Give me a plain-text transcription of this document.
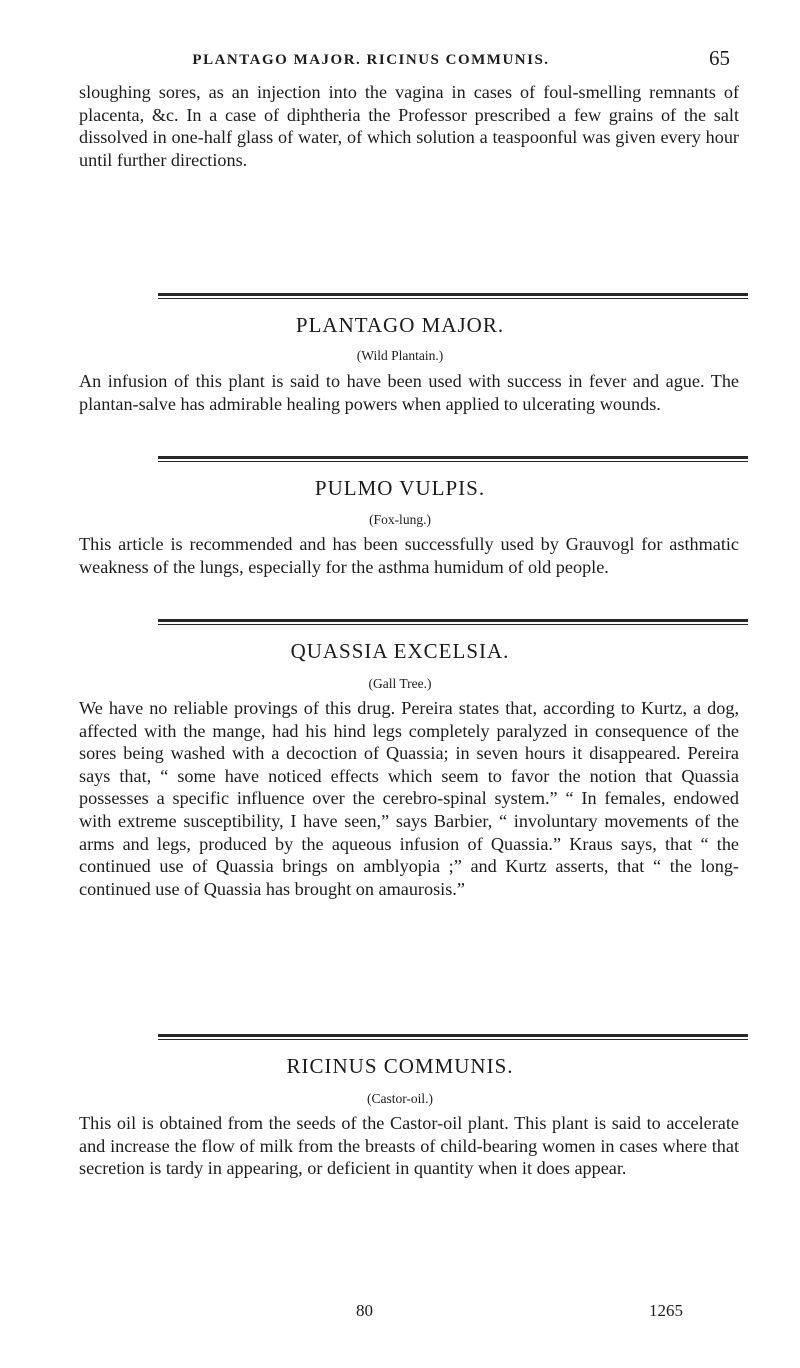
PLANTAGO MAJOR. RICINUS COMMUNIS.	65

sloughing sores, as an injection into the vagina in cases of foul-smelling remnants of placenta, &c. In a case of diphtheria the Professor prescribed a few grains of the salt dissolved in one-half glass of water, of which solution a teaspoonful was given every hour until further directions.

PLANTAGO MAJOR.
(Wild Plantain.)

An infusion of this plant is said to have been used with success in fever and ague. The plantan-salve has admirable healing powers when applied to ulcerating wounds.

PULMO VULPIS.
(Fox-lung.)

This article is recommended and has been successfully used by Grauvogl for asthmatic weakness of the lungs, especially for the asthma humidum of old people.

QUASSIA EXCELSIA.
(Gall Tree.)

We have no reliable provings of this drug. Pereira states that, according to Kurtz, a dog, affected with the mange, had his hind legs completely paralyzed in consequence of the sores being washed with a decoction of Quassia; in seven hours it disappeared. Pereira says that, “ some have noticed effects which seem to favor the notion that Quassia possesses a specific influence over the cerebro-spinal system.” “ In females, endowed with extreme susceptibility, I have seen,” says Barbier, “ involuntary movements of the arms and legs, produced by the aqueous infusion of Quassia.” Kraus says, that “ the continued use of Quassia brings on amblyopia ;” and Kurtz asserts, that “ the long-continued use of Quassia has brought on amaurosis.”

RICINUS COMMUNIS.
(Castor-oil.)

This oil is obtained from the seeds of the Castor-oil plant. This plant is said to accelerate and increase the flow of milk from the breasts of child-bearing women in cases where that secretion is tardy in appearing, or deficient in quantity when it does appear.

80	1265
